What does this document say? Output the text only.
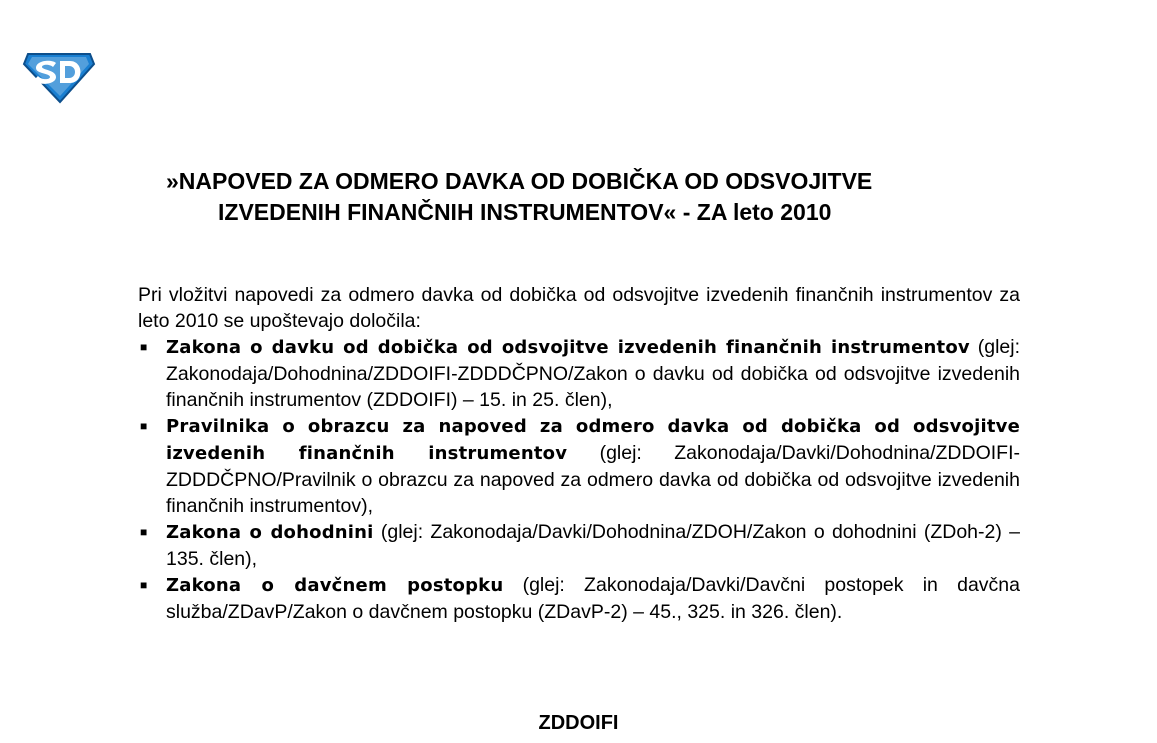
»NAPOVED ZA ODMERO DAVKA OD DOBIČKA OD ODSVOJITVE
IZVEDENIH FINANČNIH INSTRUMENTOV« - ZA leto 2010

Pri vložitvi napovedi za odmero davka od dobička od odsvojitve izvedenih finančnih instrumentov za leto 2010 se upoštevajo določila:

■ Zakona o davku od dobička od odsvojitve izvedenih finančnih instrumentov (glej: Zakonodaja/Dohodnina/ZDDOIFI-ZDDDČPNO/Zakon o davku od dobička od odsvojitve izvedenih finančnih instrumentov (ZDDOIFI) – 15. in 25. člen),
■ Pravilnika o obrazcu za napoved za odmero davka od dobička od odsvojitve izvedenih finančnih instrumentov (glej: Zakonodaja/Davki/Dohodnina/ZDDOIFI-ZDDDČPNO/Pravilnik o obrazcu za napoved za odmero davka od dobička od odsvojitve izvedenih finančnih instrumentov),
■ Zakona o dohodnini (glej: Zakonodaja/Davki/Dohodnina/ZDOH/Zakon o dohodnini (ZDoh-2) – 135. člen),
■ Zakona o davčnem postopku (glej: Zakonodaja/Davki/Davčni postopek in davčna služba/ZDavP/Zakon o davčnem postopku (ZDavP-2) – 45., 325. in 326. člen).
ZDDOIFI
